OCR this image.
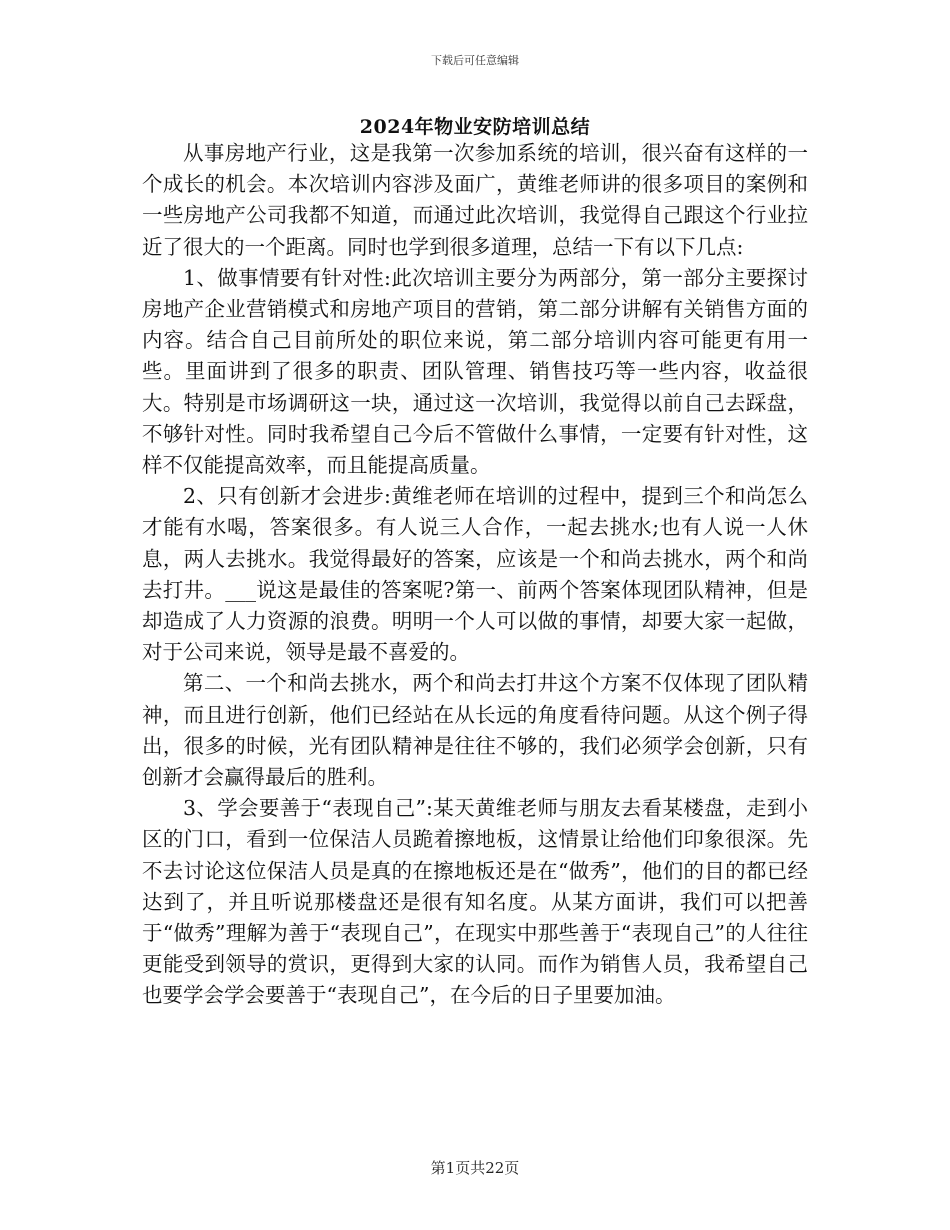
下载后可任意编辑
2024年物业安防培训总结

从事房地产行业，这是我第一次参加系统的培训，很兴奋有这样的一个成长的机会。本次培训内容涉及面广，黄维老师讲的很多项目的案例和一些房地产公司我都不知道，而通过此次培训，我觉得自己跟这个行业拉近了很大的一个距离。同时也学到很多道理，总结一下有以下几点:

1、做事情要有针对性:此次培训主要分为两部分，第一部分主要探讨房地产企业营销模式和房地产项目的营销，第二部分讲解有关销售方面的内容。结合自己目前所处的职位来说，第二部分培训内容可能更有用一些。里面讲到了很多的职责、团队管理、销售技巧等一些内容，收益很大。特别是市场调研这一块，通过这一次培训，我觉得以前自己去踩盘，不够针对性。同时我希望自己今后不管做什么事情，一定要有针对性，这样不仅能提高效率，而且能提高质量。

2、只有创新才会进步:黄维老师在培训的过程中，提到三个和尚怎么才能有水喝，答案很多。有人说三人合作，一起去挑水;也有人说一人休息，两人去挑水。我觉得最好的答案，应该是一个和尚去挑水，两个和尚去打井。___说这是最佳的答案呢?第一、前两个答案体现团队精神，但是却造成了人力资源的浪费。明明一个人可以做的事情，却要大家一起做，对于公司来说，领导是最不喜爱的。

第二、一个和尚去挑水，两个和尚去打井这个方案不仅体现了团队精神，而且进行创新，他们已经站在从长远的角度看待问题。从这个例子得出，很多的时候，光有团队精神是往往不够的，我们必须学会创新，只有创新才会赢得最后的胜利。

3、学会要善于“表现自己”:某天黄维老师与朋友去看某楼盘，走到小区的门口，看到一位保洁人员跪着擦地板，这情景让给他们印象很深。先不去讨论这位保洁人员是真的在擦地板还是在“做秀”，他们的目的都已经达到了，并且听说那楼盘还是很有知名度。从某方面讲，我们可以把善于“做秀”理解为善于“表现自己”，在现实中那些善于“表现自己”的人往往更能受到领导的赏识，更得到大家的认同。而作为销售人员，我希望自己也要学会学会要善于“表现自己”，在今后的日子里要加油。

第1页共22页
